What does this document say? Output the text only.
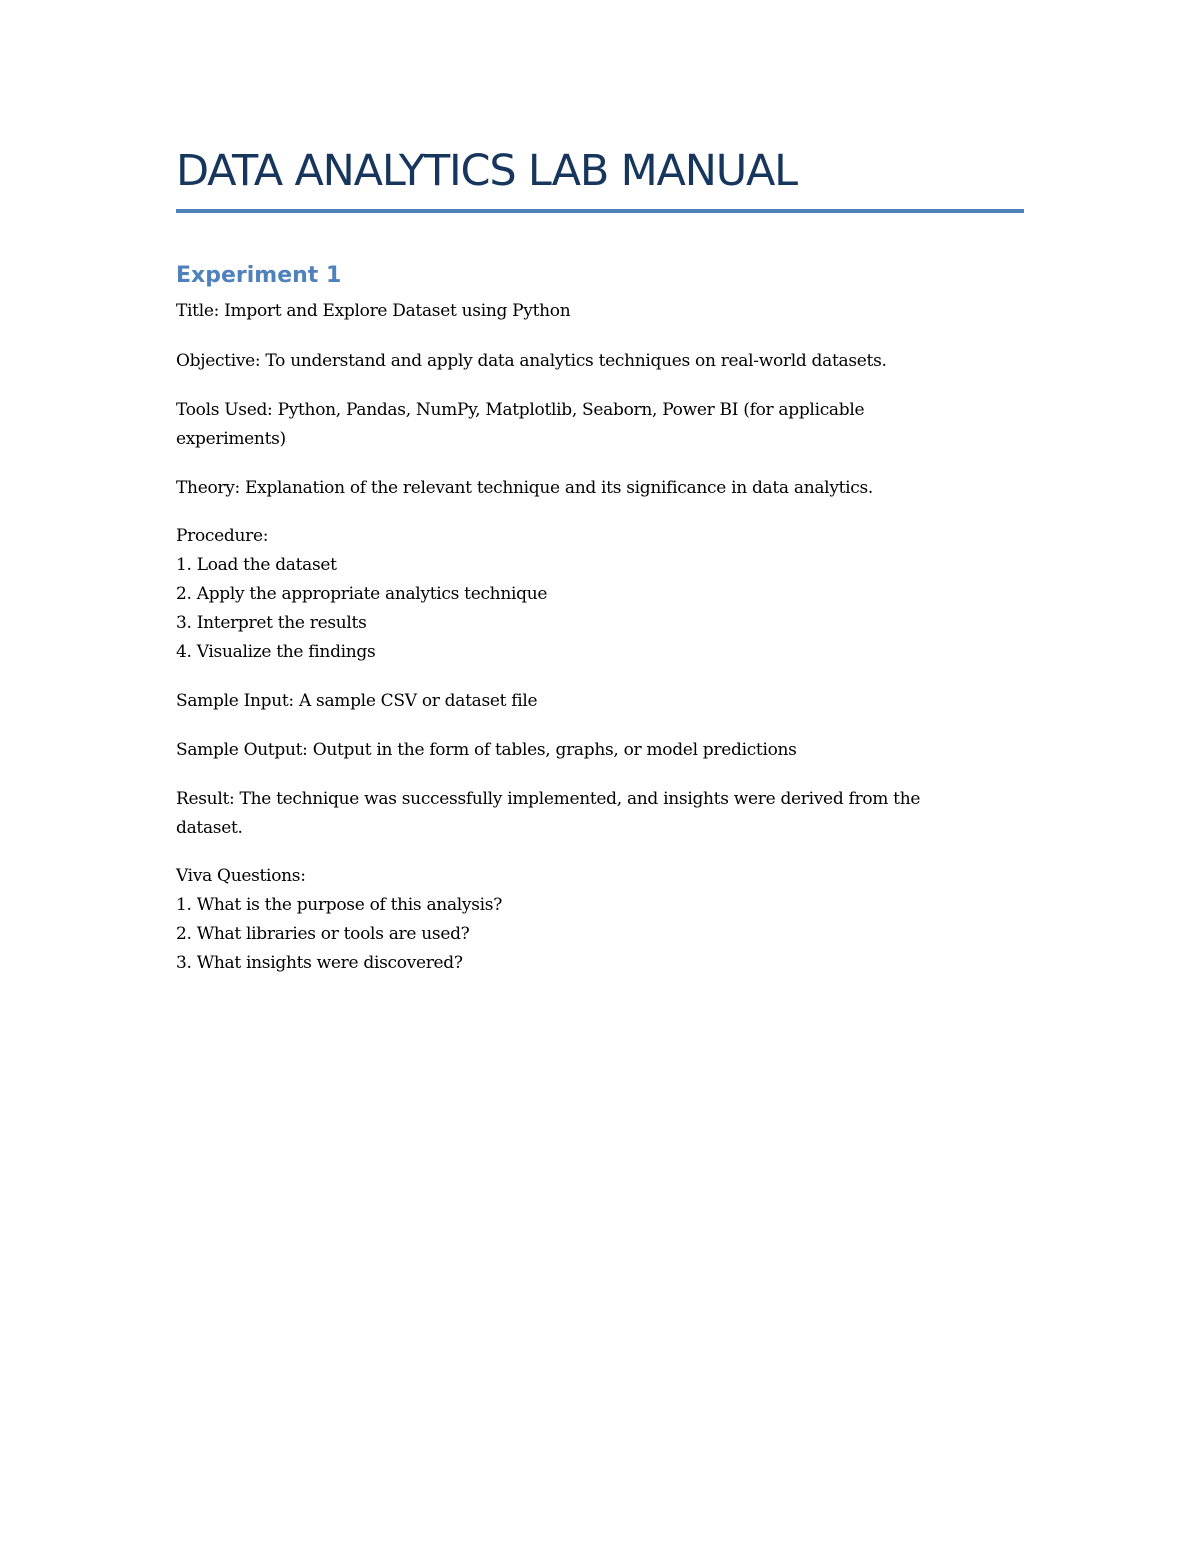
DATA ANALYTICS LAB MANUAL
Experiment 1

Title: Import and Explore Dataset using Python

Objective: To understand and apply data analytics techniques on real-world datasets.

Tools Used: Python, Pandas, NumPy, Matplotlib, Seaborn, Power BI (for applicable

experiments)

Theory: Explanation of the relevant technique and its significance in data analytics.

Procedure:

1. Load the dataset

2. Apply the appropriate analytics technique

3. Interpret the results

4. Visualize the findings

Sample Input: A sample CSV or dataset file

Sample Output: Output in the form of tables, graphs, or model predictions

Result: The technique was successfully implemented, and insights were derived from the

dataset.

Viva Questions:

1. What is the purpose of this analysis?

2. What libraries or tools are used?

3. What insights were discovered?
